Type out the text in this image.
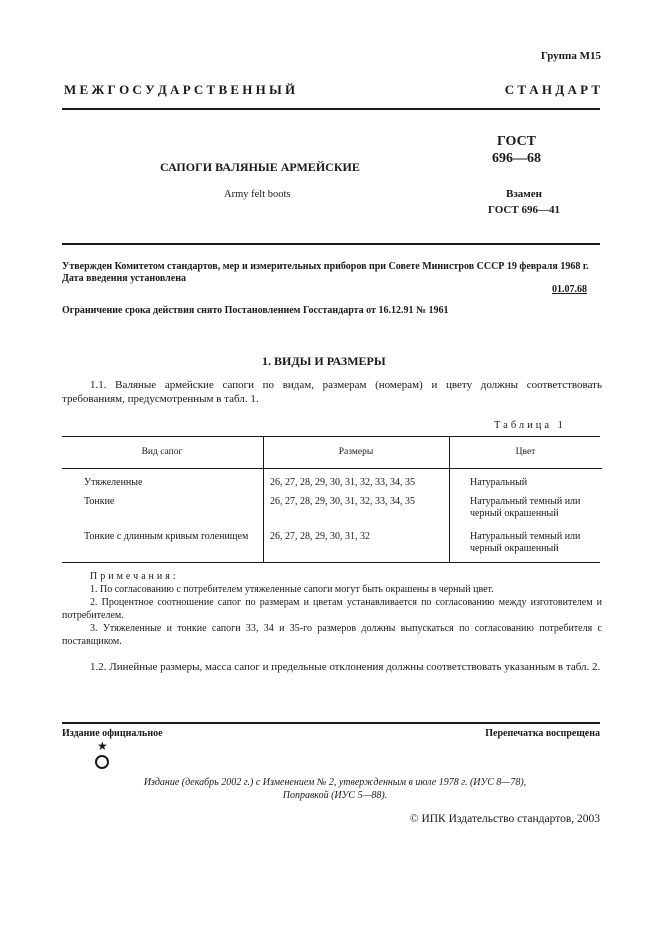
Группа М15
М Е Ж Г О С У Д А Р С Т В Е Н Н Ы Й	С Т А Н Д А Р Т
САПОГИ ВАЛЯНЫЕ АРМЕЙСКИЕ
Army felt boots
ГОСТ
696—68
Взамен
ГОСТ 696—41
Утвержден Комитетом стандартов, мер и измерительных приборов при Совете Министров СССР 19 февраля 1968 г.
Дата введения установлена
01.07.68
Ограничение срока действия снято Постановлением Госстандарта от 16.12.91 № 1961
1. ВИДЫ И РАЗМЕРЫ

1.1. Валяные армейские сапоги по видам, размерам (номерам) и цвету должны соответствовать требованиям, предусмотренным в табл. 1.

Таблица 1
Вид сапог	Размеры	Цвет
Утяжеленные	26, 27, 28, 29, 30, 31, 32, 33, 34, 35	Натуральный
Тонкие	26, 27, 28, 29, 30, 31, 32, 33, 34, 35	Натуральный темный или черный окрашенный
Тонкие с длинным кривым голенищем	26, 27, 28, 29, 30, 31, 32	Натуральный темный или черный окрашенный

Примечания:

1. По согласованию с потребителем утяжеленные сапоги могут быть окрашены в черный цвет.

2. Процентное соотношение сапог по размерам и цветам устанавливается по согласованию между изготовителем и потребителем.

3. Утяжеленные и тонкие сапоги 33, 34 и 35-го размеров должны выпускаться по согласованию потребителя с поставщиком.

1.2. Линейные размеры, масса сапог и предельные отклонения должны соответствовать указанным в табл. 2.

Издание официальное	Перепечатка воспрещена
★
Издание (декабрь 2002 г.) с Изменением № 2, утвержденным в июле 1978 г. (ИУС 8—78), Поправкой (ИУС 5—88).
© ИПК Издательство стандартов, 2003
